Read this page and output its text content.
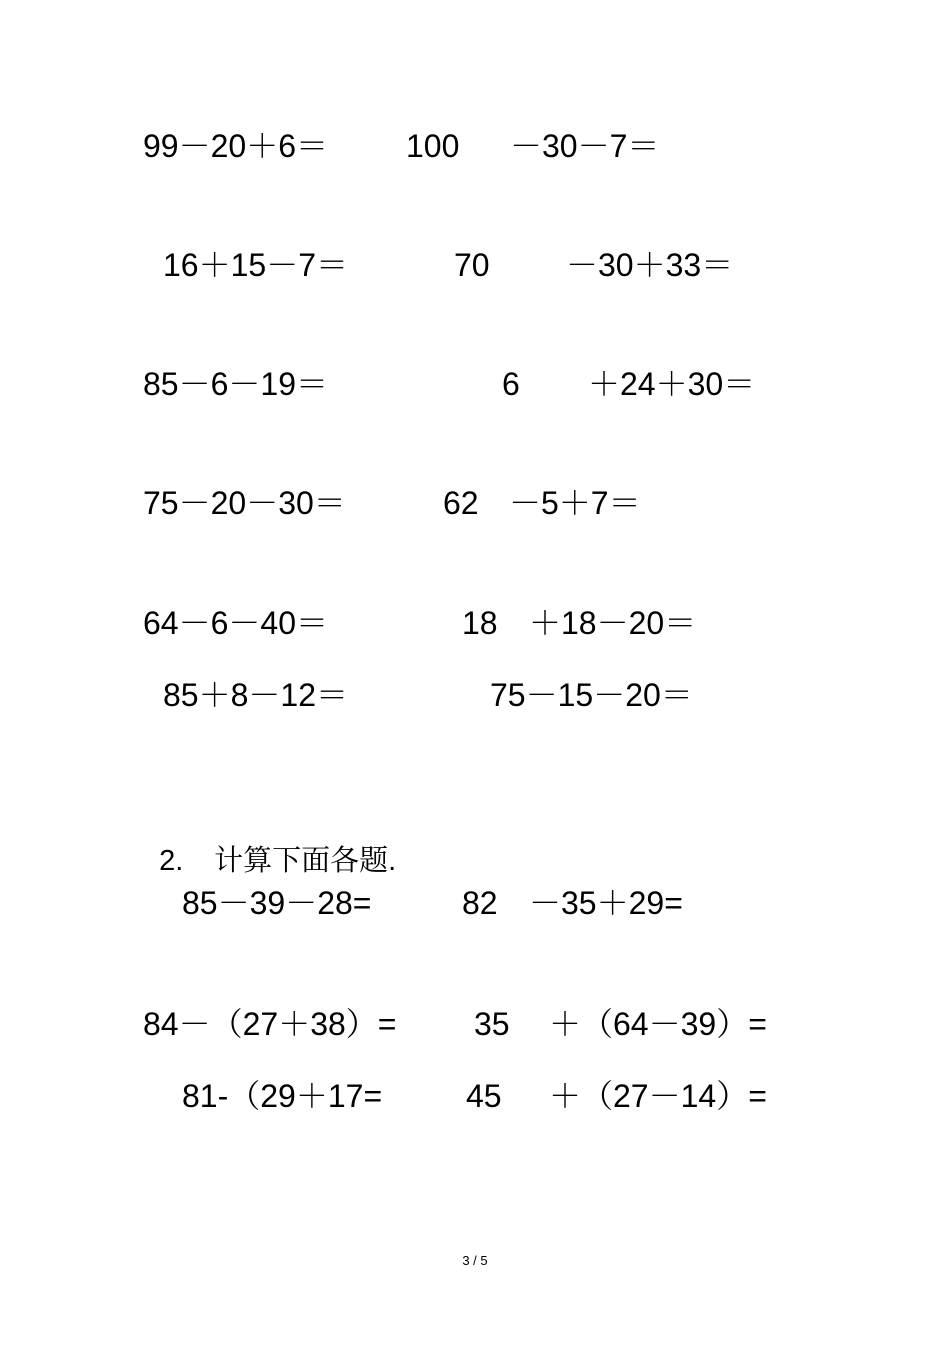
99－20＋6＝ 100 －30－7＝
16＋15－7＝	70 －30＋33＝
85－6－19＝	6 ＋24＋30＝
75－20－30＝	62 －5＋7＝
64－6－40＝	18 ＋18－20＝
85＋8－12＝	75－15－20＝

2. 计算下面各题.

85－39－28=	82 －35＋29=
84－（27＋38）= 35 ＋（64－39）=
81-（29＋17=	45 ＋（27－14）=
3 / 5
